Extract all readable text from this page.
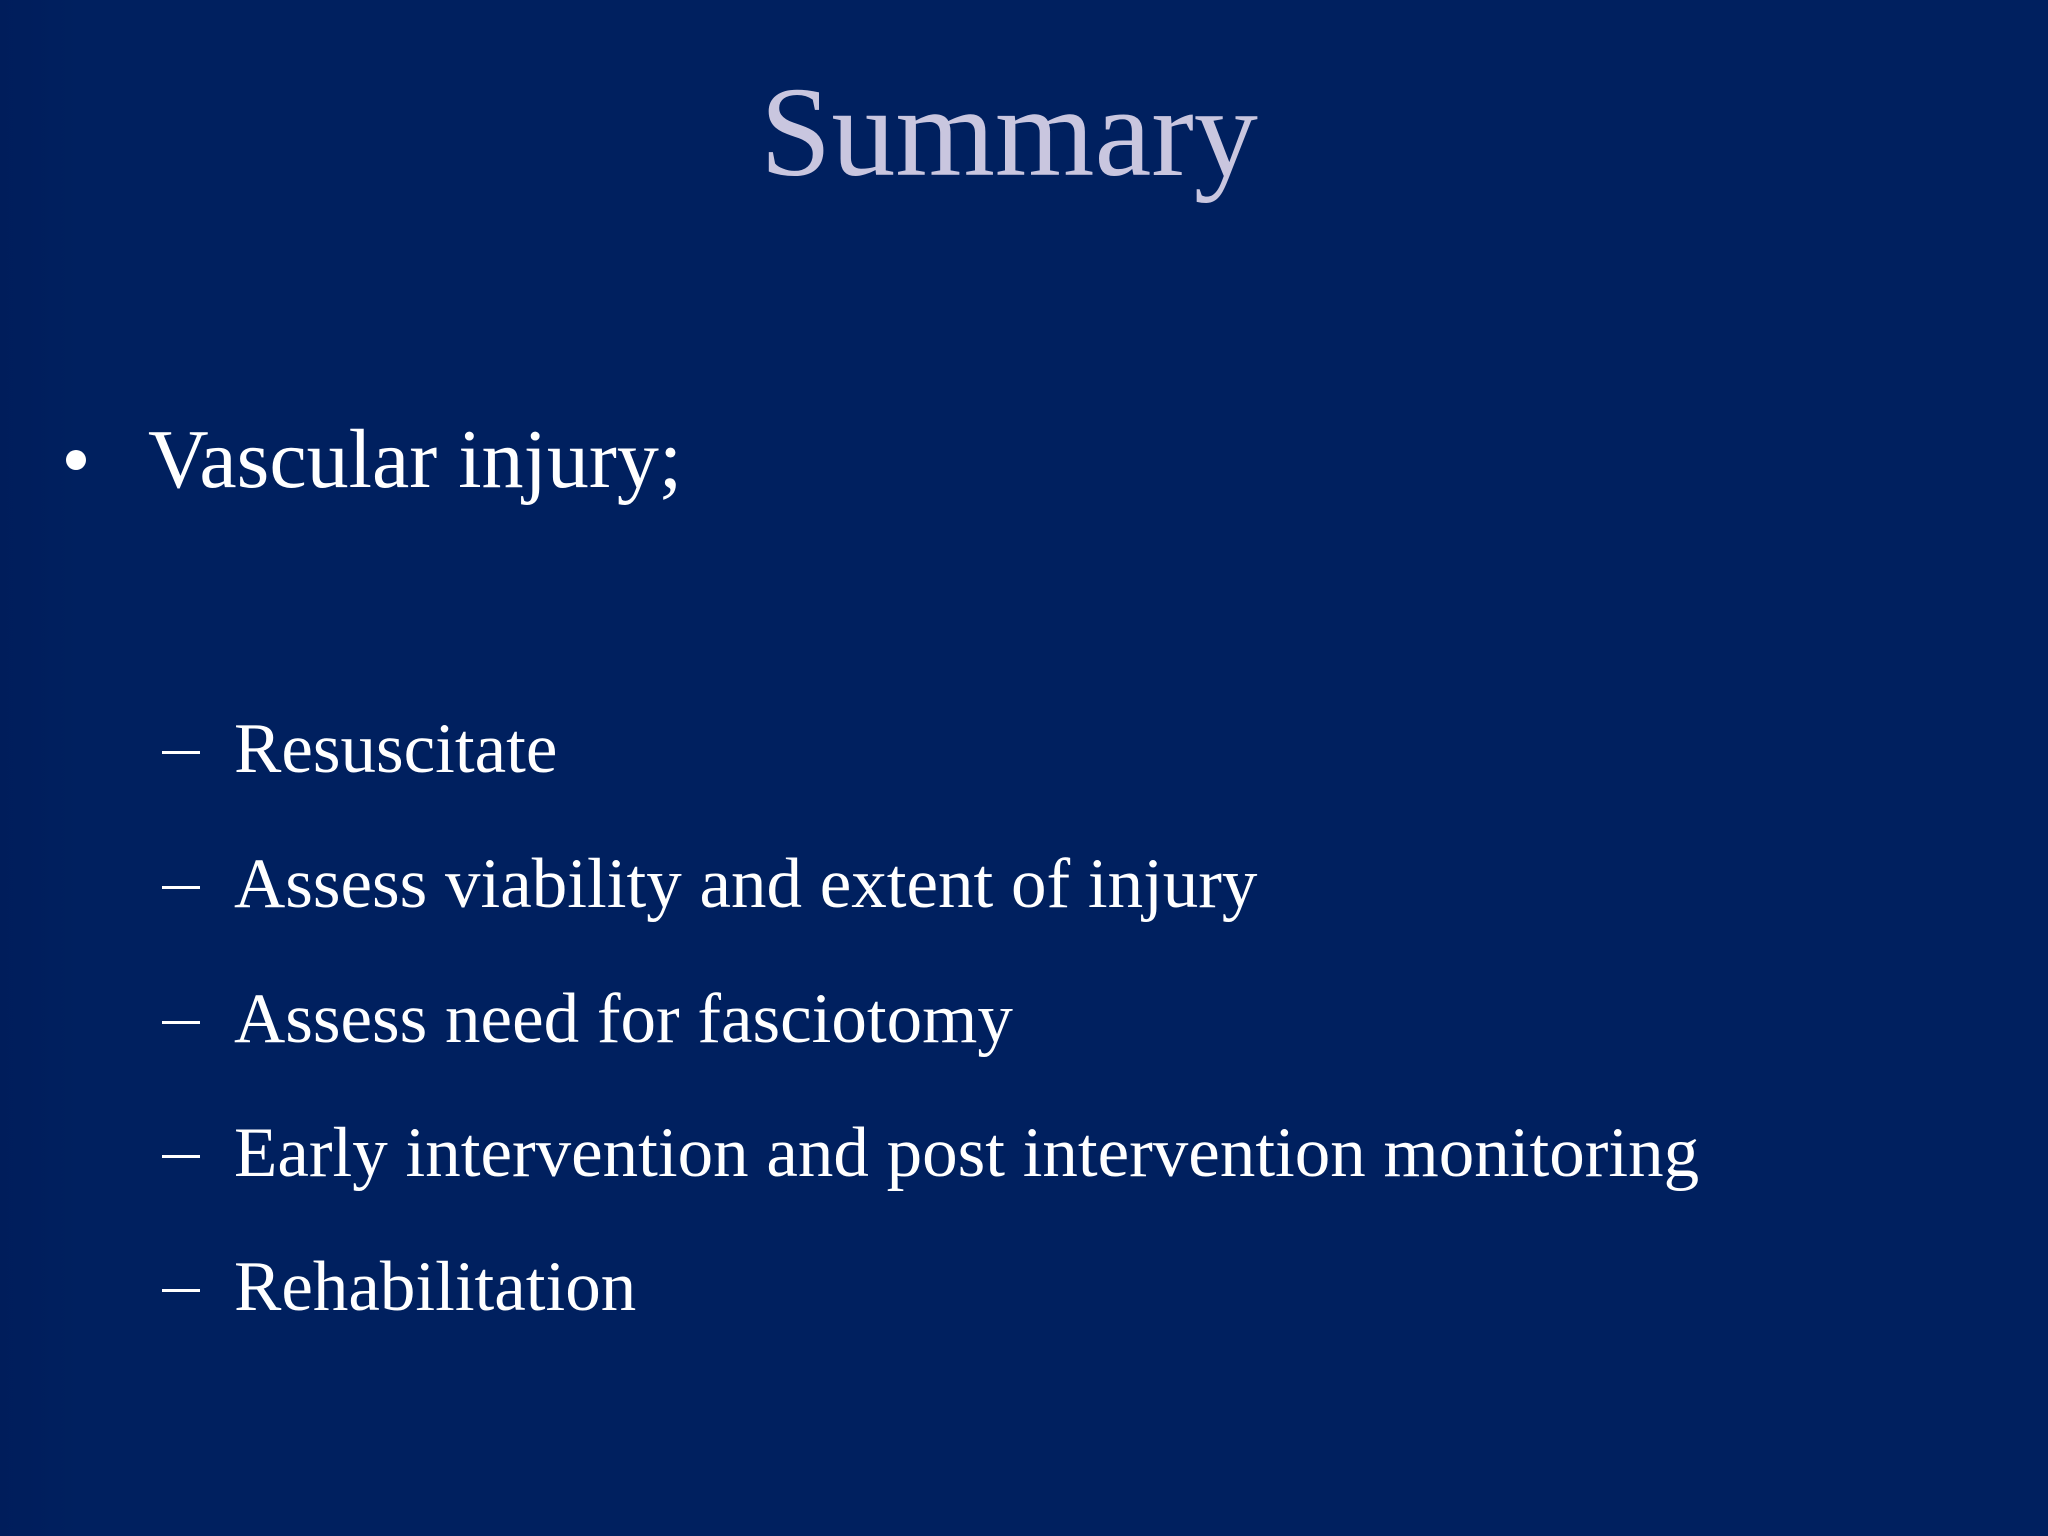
Summary
Vascular injury;
Resuscitate
Assess viability and extent of injury
Assess need for fasciotomy
Early intervention and post intervention monitoring
Rehabilitation
